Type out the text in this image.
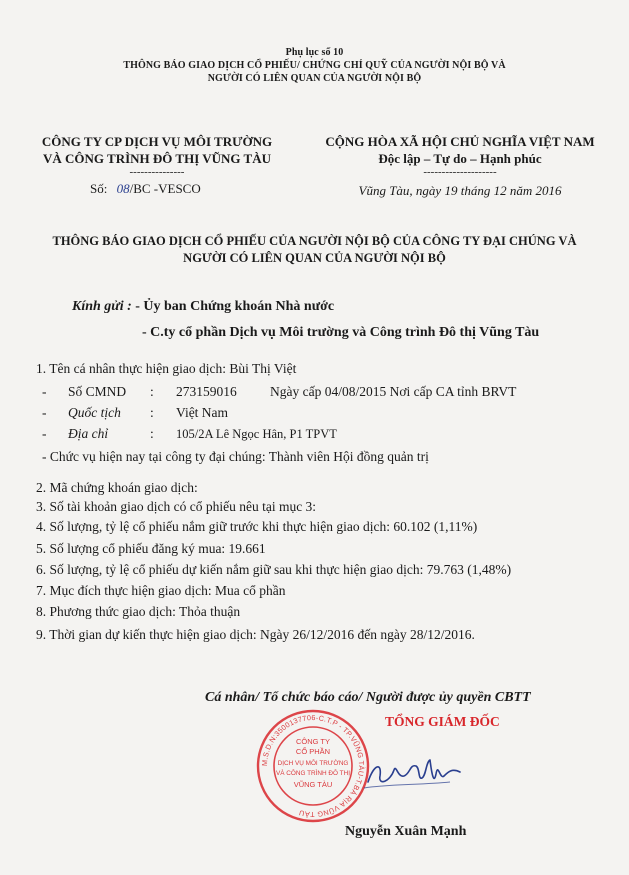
Phụ lục số 10
THÔNG BÁO GIAO DỊCH CỔ PHIẾU/ CHỨNG CHỈ QUỸ CỦA NGƯỜI NỘI BỘ VÀ
NGƯỜI CÓ LIÊN QUAN CỦA NGƯỜI NỘI BỘ
CÔNG TY CP DỊCH VỤ MÔI TRƯỜNG
VÀ CÔNG TRÌNH ĐÔ THỊ VŨNG TÀU
---------------
Số: 08/BC -VESCO
CỘNG HÒA XÃ HỘI CHỦ NGHĨA VIỆT NAM
Độc lập – Tự do – Hạnh phúc
--------------------
Vũng Tàu, ngày 19 tháng 12 năm 2016
THÔNG BÁO GIAO DỊCH CỔ PHIẾU CỦA NGƯỜI NỘI BỘ CỦA CÔNG TY ĐẠI CHÚNG VÀ
NGƯỜI CÓ LIÊN QUAN CỦA NGƯỜI NỘI BỘ
Kính gửi : - Ủy ban Chứng khoán Nhà nước
- C.ty cổ phần Dịch vụ Môi trường và Công trình Đô thị Vũng Tàu
1. Tên cá nhân thực hiện giao dịch: Bùi Thị Việt
- Số CMND : 273159016 Ngày cấp 04/08/2015 Nơi cấp CA tỉnh BRVT
- Quốc tịch : Việt Nam
- Địa chỉ	: 105/2A Lê Ngọc Hân, P1 TPVT
- Chức vụ hiện nay tại công ty đại chúng: Thành viên Hội đồng quản trị
2. Mã chứng khoán giao dịch:
3. Số tài khoản giao dịch có cổ phiếu nêu tại mục 3:
4. Số lượng, tỷ lệ cổ phiếu nắm giữ trước khi thực hiện giao dịch: 60.102 (1,11%)
5. Số lượng cổ phiếu đăng ký mua: 19.661
6. Số lượng, tỷ lệ cổ phiếu dự kiến nắm giữ sau khi thực hiện giao dịch: 79.763 (1,48%)
7. Mục đích thực hiện giao dịch: Mua cổ phần
8. Phương thức giao dịch: Thỏa thuận
9. Thời gian dự kiến thực hiện giao dịch: Ngày 26/12/2016 đến ngày 28/12/2016.
Cá nhân/ Tổ chức báo cáo/ Người được ủy quyền CBTT
TỔNG GIÁM ĐỐC
Nguyễn Xuân Mạnh
M.S.D.N:3500137706-C.T.P - TP.VŨNG TÀU-T.BÀ RỊA VŨNG TÀU
CÔNG TY
CỔ PHẦN
DỊCH VỤ MÔI TRƯỜNG
VÀ CÔNG TRÌNH ĐÔ THỊ
VŨNG TÀU
